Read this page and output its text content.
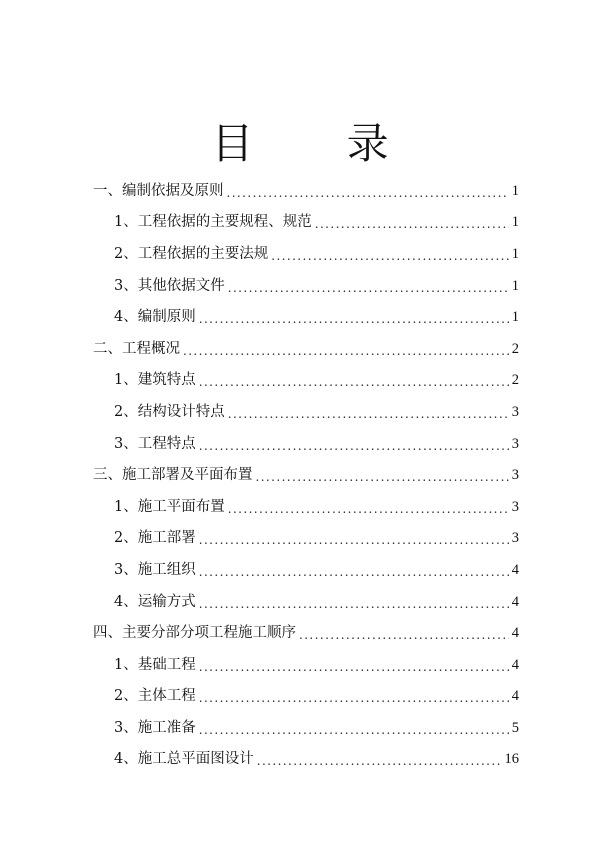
目 录
一、编制依据及原则 .....	1
1、工程依据的主要规程、规范 .....	1
2、工程依据的主要法规 .....	1
3、其他依据文件 .....	1
4、编制原则 .....	1
二、工程概况 .....	2
1、建筑特点 .....	2
2、结构设计特点 .....	3
3、工程特点 .....	3
三、施工部署及平面布置 .....	3
1、施工平面布置 .....	3
2、施工部署 .....	3
3、施工组织 .....	4
4、运输方式 .....	4
四、主要分部分项工程施工顺序 .....	4
1、基础工程 .....	4
2、主体工程 .....	4
3、施工准备 .....	5
4、施工总平面图设计 .....	16
